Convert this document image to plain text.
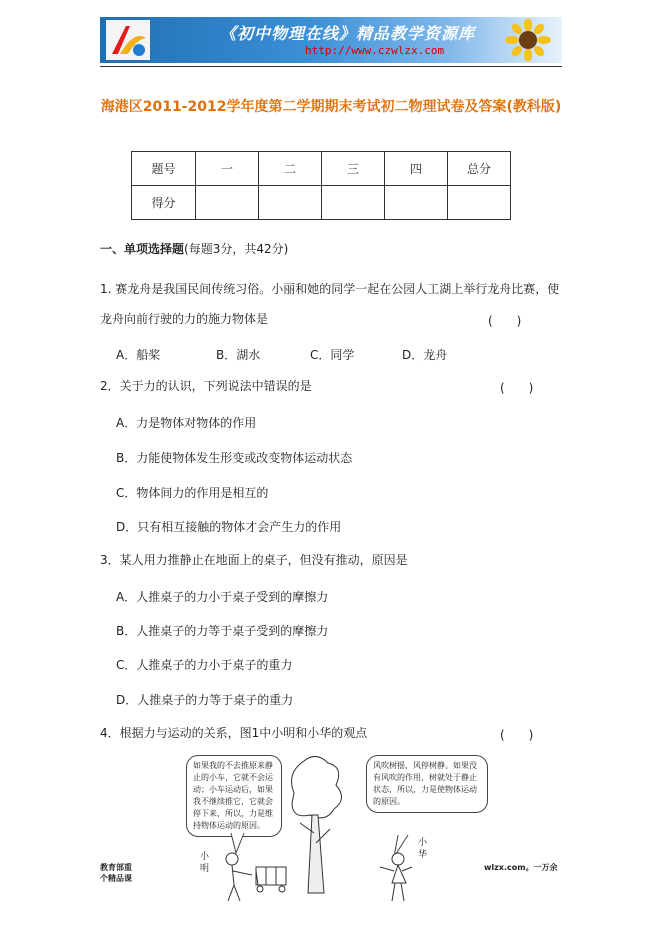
《初中物理在线》精品教学资源库
http://www.czwlzx.com
海港区2011-2012学年度第二学期期末考试初二物理试卷及答案(教科版)
题号	一	二	三	四	总分
得分					
一、单项选择题(每题3分，共42分)
1. 赛龙舟是我国民间传统习俗。小丽和她的同学一起在公园人工湖上举行龙舟比赛，使龙舟向前行驶的力的施力物体是	(　　)
A．船桨	B．湖水	C．同学	D．龙舟
2．关于力的认识，下列说法中错误的是	(　　)
A．力是物体对物体的作用
B．力能使物体发生形变或改变物体运动状态
C．物体间力的作用是相互的
D．只有相互接触的物体才会产生力的作用
3．某人用力推静止在地面上的桌子，但没有推动，原因是
A．人推桌子的力小于桌子受到的摩擦力
B．人推桌子的力等于桌子受到的摩擦力
C．人推桌子的力小于桌子的重力
D．人推桌子的力等于桌子的重力
4．根据力与运动的关系，图1中小明和小华的观点	(　　)
如果我的不去推原来静止的小车，它就不会运动；小车运动后，如果我不继续推它，它就会停下来，所以，力是维持物体运动的原因。
风吹树摇，风停树静。如果没有风吹的作用，树就处于静止状态，所以，力是使物体运动的原因。
小明
小华
教育部重
个精品课
wlzx.com。一万余
